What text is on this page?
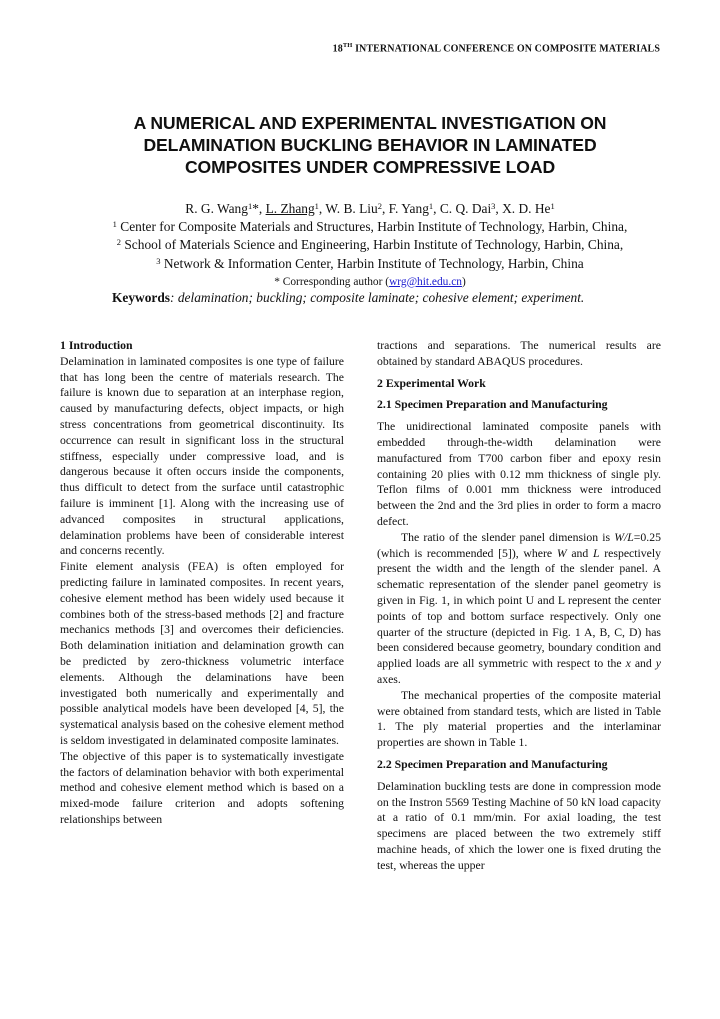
18TH INTERNATIONAL CONFERENCE ON COMPOSITE MATERIALS
A NUMERICAL AND EXPERIMENTAL INVESTIGATION ON
DELAMINATION BUCKLING BEHAVIOR IN LAMINATED
COMPOSITES UNDER COMPRESSIVE LOAD
R. G. Wang$^1$*, L. Zhang$^1$, W. B. Liu$^2$, F. Yang$^1$, C. Q. Dai$^3$, X. D. He$^1$
$^1$ Center for Composite Materials and Structures, Harbin Institute of Technology, Harbin, China,
$^2$ School of Materials Science and Engineering, Harbin Institute of Technology, Harbin, China,
$^3$ Network & Information Center, Harbin Institute of Technology, Harbin, China
* Corresponding author (wrg@hit.edu.cn)
Keywords: delamination; buckling; composite laminate; cohesive element; experiment.
1 Introduction

Delamination in laminated composites is one type of failure that has long been the centre of materials research. The failure is known due to separation at an interphase region, caused by manufacturing defects, object impacts, or high stress concentrations from geometrical discontinuity. Its occurrence can result in significant loss in the structural stiffness, especially under compressive load, and is dangerous because it often occurs inside the components, thus difficult to detect from the surface until catastrophic failure is imminent [1]. Along with the increasing use of advanced composites in structural applications, delamination problems have been of considerable interest and concerns recently.

Finite element analysis (FEA) is often employed for predicting failure in laminated composites. In recent years, cohesive element method has been widely used because it combines both of the stress-based methods [2] and fracture mechanics methods [3] and overcomes their deficiencies. Both delamination initiation and delamination growth can be predicted by zero-thickness volumetric interface elements. Although the delaminations have been investigated both numerically and experimentally and possible analytical models have been developed [4, 5], the systematical analysis based on the cohesive element method is seldom investigated in delaminated composite laminates.

The objective of this paper is to systematically investigate the factors of delamination behavior with both experimental method and cohesive element method which is based on a mixed-mode failure criterion and adopts softening relationships between

tractions and separations. The numerical results are obtained by standard ABAQUS procedures.

2 Experimental Work
2.1 Specimen Preparation and Manufacturing

The unidirectional laminated composite panels with embedded through-the-width delamination were manufactured from T700 carbon fiber and epoxy resin containing 20 plies with 0.12 mm thickness of single ply. Teflon films of 0.001 mm thickness were introduced between the 2nd and the 3rd plies in order to form a macro defect.

The ratio of the slender panel dimension is W/L=0.25 (which is recommended [5]), where W and L respectively present the width and the length of the slender panel. A schematic representation of the slender panel geometry is given in Fig. 1, in which point U and L represent the center points of top and bottom surface respectively. Only one quarter of the structure (depicted in Fig. 1 A, B, C, D) has been considered because geometry, boundary condition and applied loads are all symmetric with respect to the x and y axes.

The mechanical properties of the composite material were obtained from standard tests, which are listed in Table 1. The ply material properties and the interlaminar properties are shown in Table 1.

2.2 Specimen Preparation and Manufacturing

Delamination buckling tests are done in compression mode on the Instron 5569 Testing Machine of 50 kN load capacity at a ratio of 0.1 mm/min. For axial loading, the test specimens are placed between the two extremely stiff machine heads, of xhich the lower one is fixed druting the test, whereas the upper
